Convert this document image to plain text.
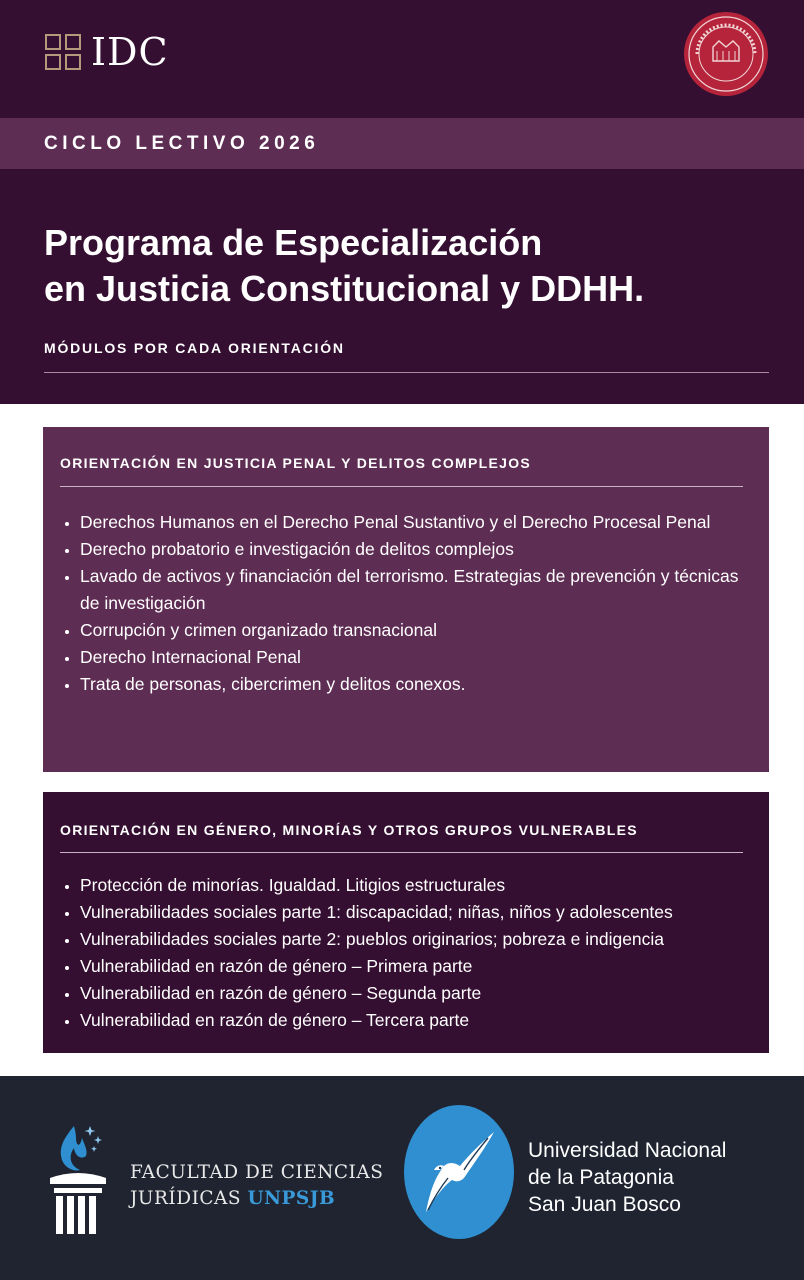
IDC
CICLO LECTIVO 2026
Programa de Especialización
en Justicia Constitucional y DDHH.
MÓDULOS POR CADA ORIENTACIÓN
ORIENTACIÓN EN JUSTICIA PENAL Y DELITOS COMPLEJOS
• Derechos Humanos en el Derecho Penal Sustantivo y el Derecho Procesal Penal
• Derecho probatorio e investigación de delitos complejos
• Lavado de activos y financiación del terrorismo. Estrategias de prevención y técnicas de investigación
• Corrupción y crimen organizado transnacional
• Derecho Internacional Penal
• Trata de personas, cibercrimen y delitos conexos.
ORIENTACIÓN EN GÉNERO, MINORÍAS Y OTROS GRUPOS VULNERABLES
• Protección de minorías. Igualdad. Litigios estructurales
• Vulnerabilidades sociales parte 1: discapacidad; niñas, niños y adolescentes
• Vulnerabilidades sociales parte 2: pueblos originarios; pobreza e indigencia
• Vulnerabilidad en razón de género – Primera parte
• Vulnerabilidad en razón de género – Segunda parte
• Vulnerabilidad en razón de género – Tercera parte
FACULTAD DE CIENCIAS
JURÍDICAS UNPSJB
Universidad Nacional
de la Patagonia
San Juan Bosco
